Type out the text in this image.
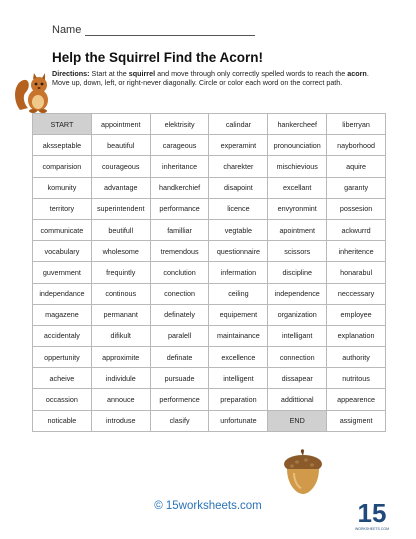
Name
Help the Squirrel Find the Acorn!
Directions: Start at the squirrel and move through only correctly spelled words to reach the acorn. Move up, down, left, or right-never diagonally. Circle or color each word on the correct path.
START	appointment	elektrisity	calindar	hankercheef	liberryan
aksseptable	beautiful	carageous	experamint	pronounciation	nayborhood
comparision	courageous	inheritance	charekter	mischievious	aquire
komunity	advantage	handkerchief	disapoint	excellant	garanty
territory	superintendent	performance	licence	envyronmint	possesion
communicate	beutifull	familliar	vegtable	apointment	ackwurrd
vocabulary	wholesome	tremendous	questionnaire	scissors	inheritence
guvernment	frequintly	conclution	infermation	discipline	honarabul
independance	continous	conection	ceiling	independence	neccessary
magazene	permanant	definately	equipement	organization	employee
accidentaly	difikult	paralell	maintainance	intelligant	explanation
oppertunity	approximite	definate	excellence	connection	authority
acheive	individule	pursuade	intelligent	dissapear	nutritous
occassion	annouce	performence	preparation	addittional	appearence
noticable	introduse	clasify	unfortunate	END	assigment
© 15worksheets.com	15
WORKSHEETS.COM
